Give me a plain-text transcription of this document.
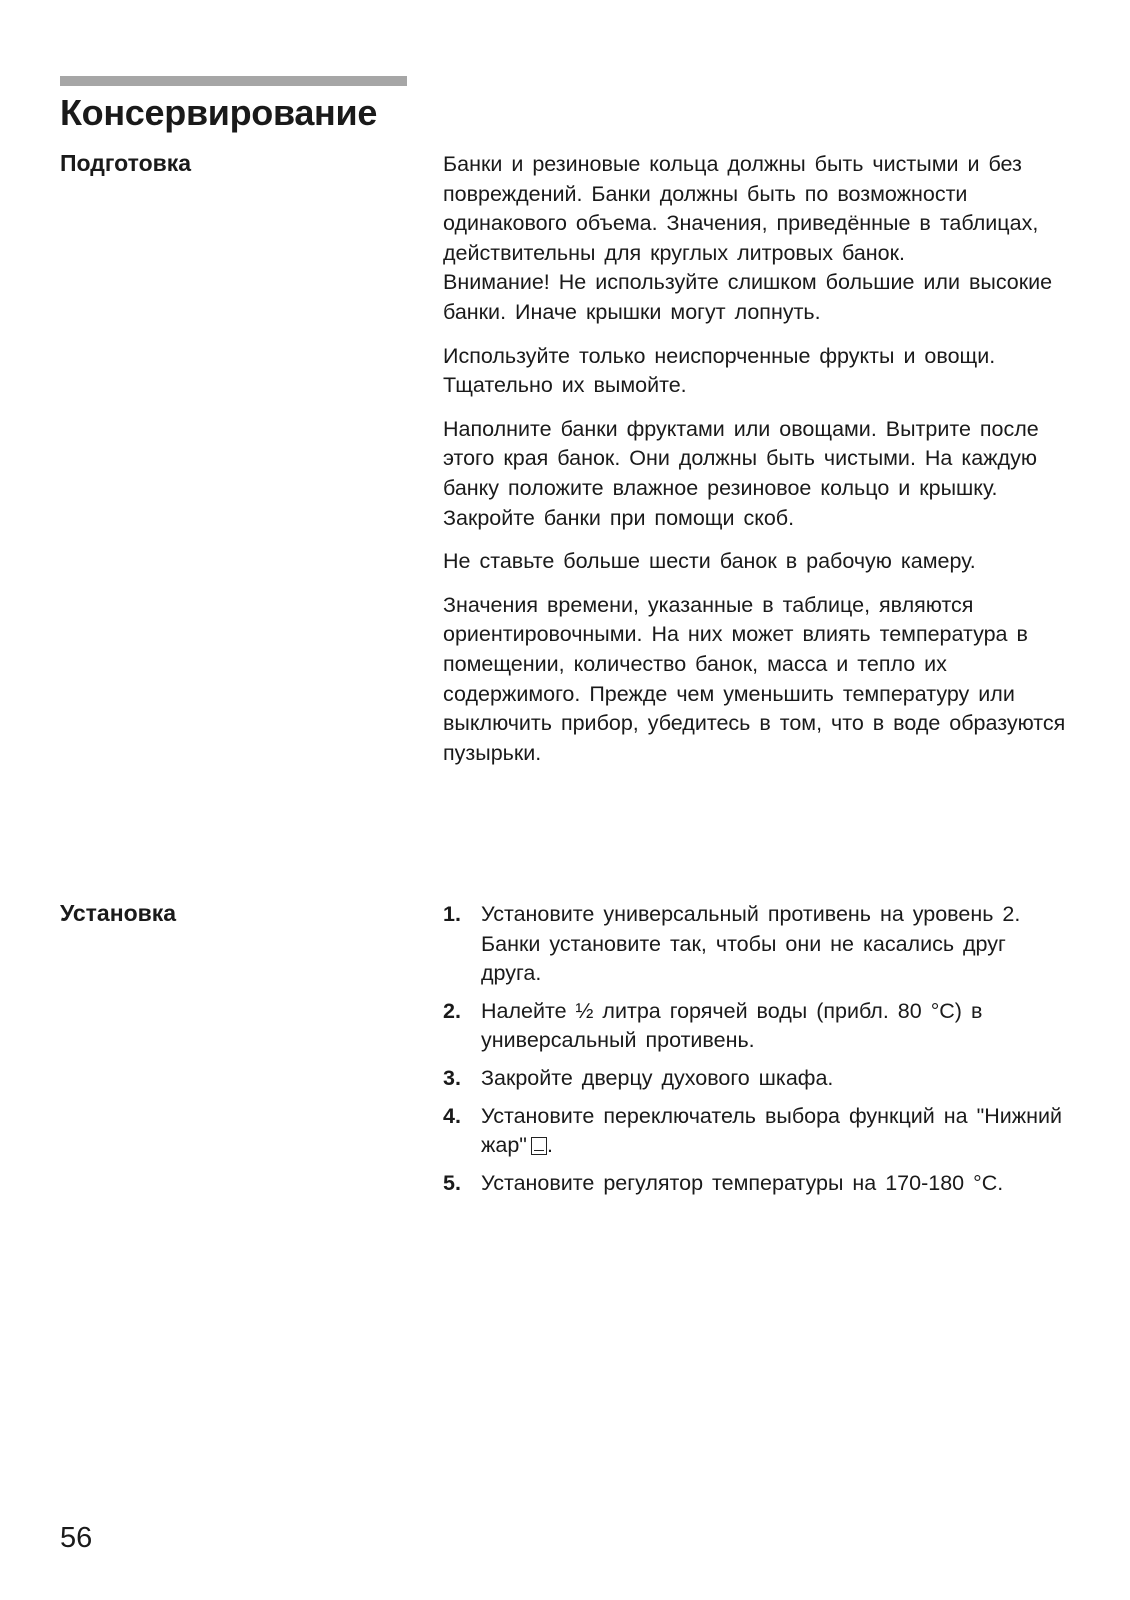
Консервирование
Подготовка	Банки и резиновые кольца должны быть чистыми и без повреждений. Банки должны быть по возможности одинакового объема. Значения, приведённые в таблицах, действительны для круглых литровых банок.

Внимание! Не используйте слишком большие или высокие банки. Иначе крышки могут лопнуть.

Используйте только неиспорченные фрукты и овощи. Тщательно их вымойте.

Наполните банки фруктами или овощами. Вытрите после этого края банок. Они должны быть чистыми. На каждую банку положите влажное резиновое кольцо и крышку. Закройте банки при помощи скоб.

Не ставьте больше шести банок в рабочую камеру.

Значения времени, указанные в таблице, являются ориентировочными. На них может влиять температура в помещении, количество банок, масса и тепло их содержимого. Прежде чем уменьшить температуру или выключить прибор, убедитесь в том, что в воде образуются пузырьки.

Установка	1. Установите универсальный противень на уровень 2. Банки установите так, чтобы они не касались друг друга.
2. Налейте ½ литра горячей воды (прибл. 80 °C) в универсальный противень.
3. Закройте дверцу духового шкафа.
4. Установите переключатель выбора функций на "Нижний жар" .
5. Установите регулятор температуры на 170-180 °C.
56
